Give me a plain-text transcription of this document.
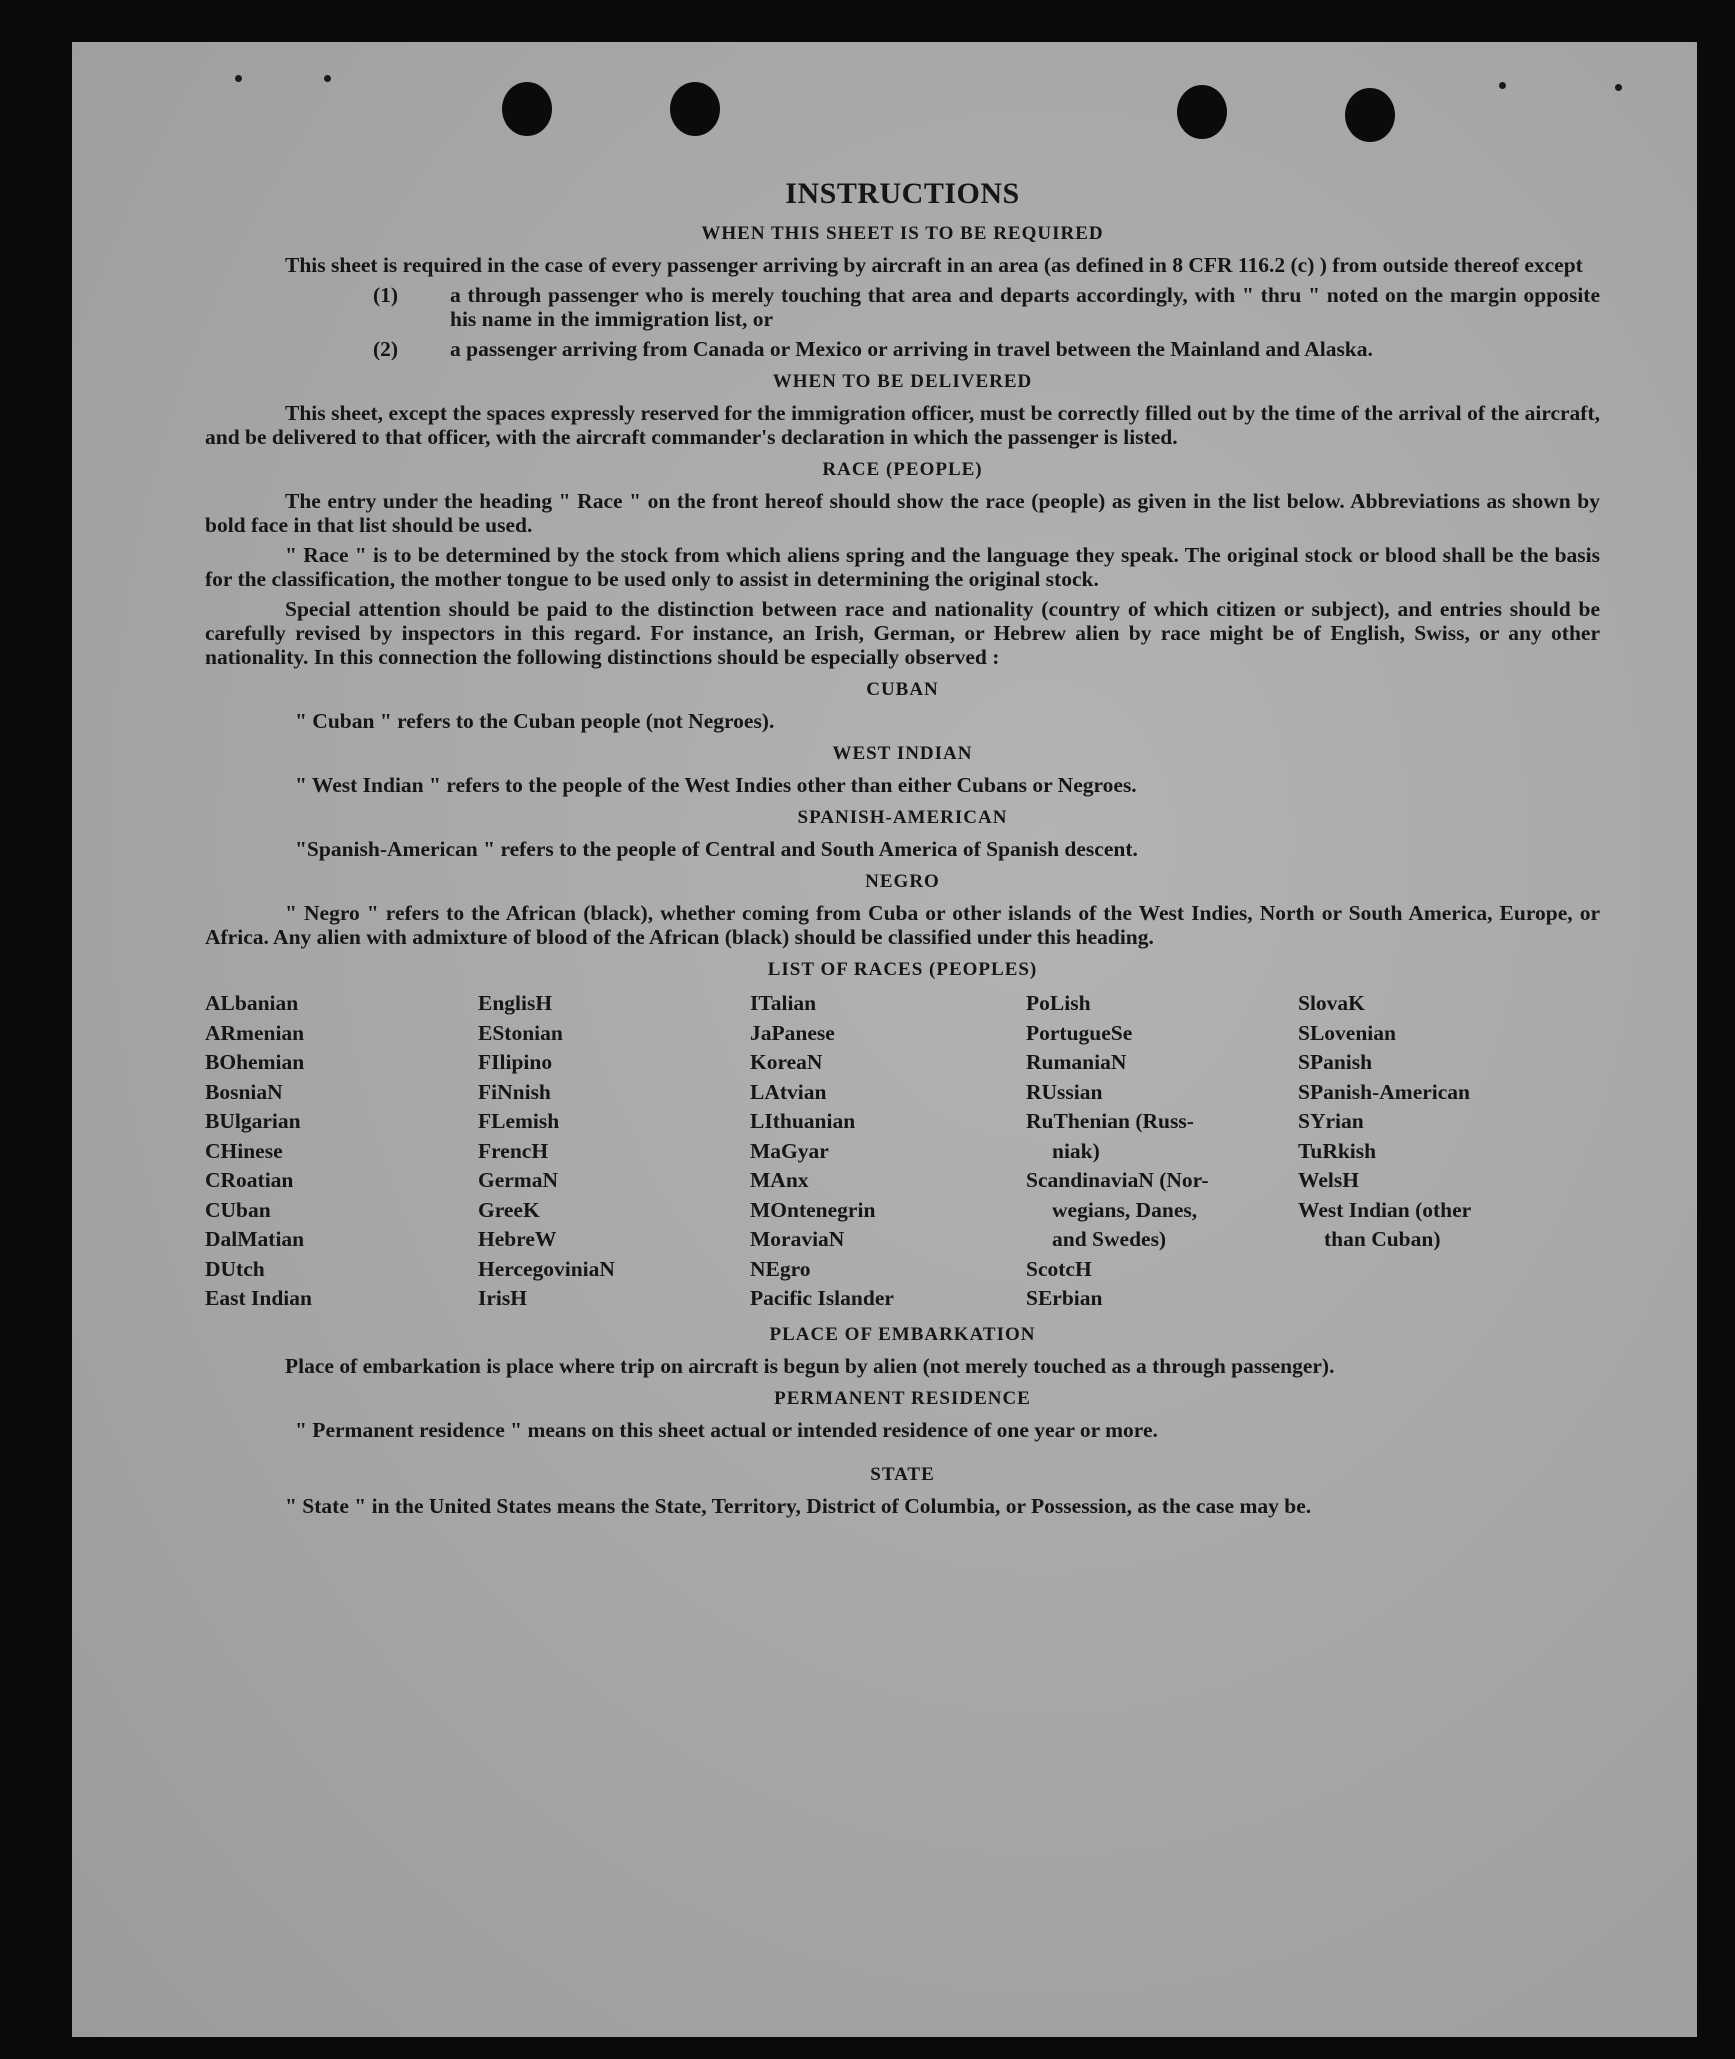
INSTRUCTIONS
WHEN THIS SHEET IS TO BE REQUIRED

This sheet is required in the case of every passenger arriving by aircraft in an area (as defined in 8 CFR 116.2 (c) ) from outside thereof except

(1)	a through passenger who is merely touching that area and departs accordingly, with " thru " noted on the margin opposite his name in the immigration list, or
(2)	a passenger arriving from Canada or Mexico or arriving in travel between the Mainland and Alaska.
WHEN TO BE DELIVERED

This sheet, except the spaces expressly reserved for the immigration officer, must be correctly filled out by the time of the arrival of the aircraft, and be delivered to that officer, with the aircraft commander's declaration in which the passenger is listed.

RACE (PEOPLE)

The entry under the heading " Race " on the front hereof should show the race (people) as given in the list below. Abbreviations as shown by bold face in that list should be used.

" Race " is to be determined by the stock from which aliens spring and the language they speak. The original stock or blood shall be the basis for the classification, the mother tongue to be used only to assist in determining the original stock.

Special attention should be paid to the distinction between race and nationality (country of which citizen or subject), and entries should be carefully revised by inspectors in this regard. For instance, an Irish, German, or Hebrew alien by race might be of English, Swiss, or any other nationality. In this connection the following distinctions should be especially observed :

CUBAN

" Cuban " refers to the Cuban people (not Negroes).

WEST INDIAN

" West Indian " refers to the people of the West Indies other than either Cubans or Negroes.

SPANISH-AMERICAN

"Spanish-American " refers to the people of Central and South America of Spanish descent.

NEGRO

" Negro " refers to the African (black), whether coming from Cuba or other islands of the West Indies, North or South America, Europe, or Africa. Any alien with admixture of blood of the African (black) should be classified under this heading.

LIST OF RACES (PEOPLES)
ALbanian
ARmenian
BOhemian
BosniaN
BUlgarian
CHinese
CRoatian
CUban
DalMatian
DUtch
East Indian
EnglisH
EStonian
FIlipino
FiNnish
FLemish
FrencH
GermaN
GreeK
HebreW
HercegoviniaN
IrisH
ITalian
JaPanese
KoreaN
LAtvian
LIthuanian
MaGyar
MAnx
MOntenegrin
MoraviaN
NEgro
Pacific Islander
PoLish
PortugueSe
RumaniaN
RUssian
RuThenian (Russ-
niak)
ScandinaviaN (Nor-
wegians, Danes,
and Swedes)
ScotcH
SErbian
SlovaK
SLovenian
SPanish
SPanish-American
SYrian
TuRkish
WelsH
West Indian (other
than Cuban)
PLACE OF EMBARKATION

Place of embarkation is place where trip on aircraft is begun by alien (not merely touched as a through passenger).

PERMANENT RESIDENCE

" Permanent residence " means on this sheet actual or intended residence of one year or more.

STATE

" State " in the United States means the State, Territory, District of Columbia, or Possession, as the case may be.
